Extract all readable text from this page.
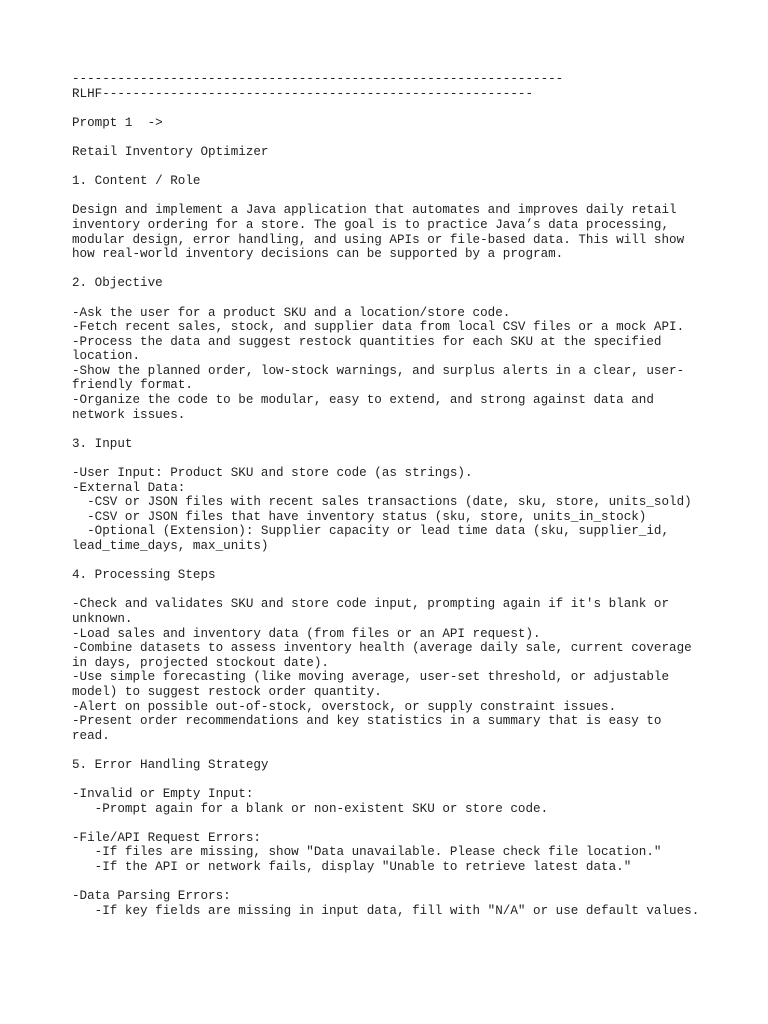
-----------------------------------------------------------------
RLHF---------------------------------------------------------
Prompt 1  ->
Retail Inventory Optimizer
1. Content / Role
Design and implement a Java application that automates and improves daily retail
inventory ordering for a store. The goal is to practice Java’s data processing,
modular design, error handling, and using APIs or file-based data. This will show
how real-world inventory decisions can be supported by a program.
2. Objective
-Ask the user for a product SKU and a location/store code.
-Fetch recent sales, stock, and supplier data from local CSV files or a mock API.
-Process the data and suggest restock quantities for each SKU at the specified
location.
-Show the planned order, low-stock warnings, and surplus alerts in a clear, user-
friendly format.
-Organize the code to be modular, easy to extend, and strong against data and
network issues.
3. Input
-User Input: Product SKU and store code (as strings).
-External Data:
-CSV or JSON files with recent sales transactions (date, sku, store, units_sold)
-CSV or JSON files that have inventory status (sku, store, units_in_stock)
-Optional (Extension): Supplier capacity or lead time data (sku, supplier_id,
lead_time_days, max_units)
4. Processing Steps
-Check and validates SKU and store code input, prompting again if it's blank or
unknown.
-Load sales and inventory data (from files or an API request).
-Combine datasets to assess inventory health (average daily sale, current coverage
in days, projected stockout date).
-Use simple forecasting (like moving average, user-set threshold, or adjustable
model) to suggest restock order quantity.
-Alert on possible out-of-stock, overstock, or supply constraint issues.
-Present order recommendations and key statistics in a summary that is easy to
read.
5. Error Handling Strategy
-Invalid or Empty Input:
-Prompt again for a blank or non-existent SKU or store code.
-File/API Request Errors:
-If files are missing, show "Data unavailable. Please check file location."
-If the API or network fails, display "Unable to retrieve latest data."
-Data Parsing Errors:
-If key fields are missing in input data, fill with "N/A" or use default values.
